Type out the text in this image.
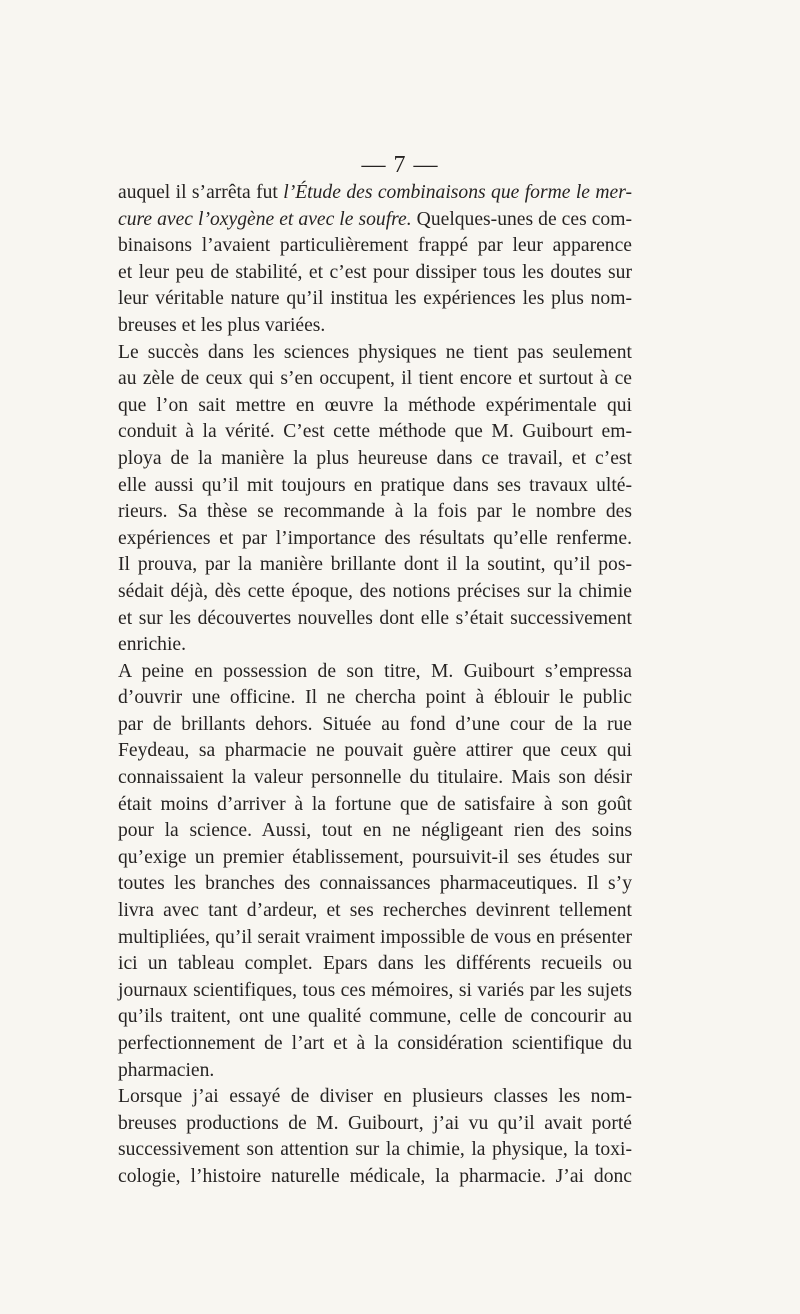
— 7 —
auquel il s’arrêta fut l’Étude des combinaisons que forme le mer-
cure avec l’oxygène et avec le soufre. Quelques-unes de ces com-
binaisons l’avaient particulièrement frappé par leur apparence
et leur peu de stabilité, et c’est pour dissiper tous les doutes sur
leur véritable nature qu’il institua les expériences les plus nom-
breuses et les plus variées.
Le succès dans les sciences physiques ne tient pas seulement
au zèle de ceux qui s’en occupent, il tient encore et surtout à ce
que l’on sait mettre en œuvre la méthode expérimentale qui
conduit à la vérité. C’est cette méthode que M. Guibourt em-
ploya de la manière la plus heureuse dans ce travail, et c’est
elle aussi qu’il mit toujours en pratique dans ses travaux ulté-
rieurs. Sa thèse se recommande à la fois par le nombre des
expériences et par l’importance des résultats qu’elle renferme.
Il prouva, par la manière brillante dont il la soutint, qu’il pos-
sédait déjà, dès cette époque, des notions précises sur la chimie
et sur les découvertes nouvelles dont elle s’était successivement
enrichie.
A peine en possession de son titre, M. Guibourt s’empressa
d’ouvrir une officine. Il ne chercha point à éblouir le public
par de brillants dehors. Située au fond d’une cour de la rue
Feydeau, sa pharmacie ne pouvait guère attirer que ceux qui
connaissaient la valeur personnelle du titulaire. Mais son désir
était moins d’arriver à la fortune que de satisfaire à son goût
pour la science. Aussi, tout en ne négligeant rien des soins
qu’exige un premier établissement, poursuivit-il ses études sur
toutes les branches des connaissances pharmaceutiques. Il s’y
livra avec tant d’ardeur, et ses recherches devinrent tellement
multipliées, qu’il serait vraiment impossible de vous en présenter
ici un tableau complet. Epars dans les différents recueils ou
journaux scientifiques, tous ces mémoires, si variés par les sujets
qu’ils traitent, ont une qualité commune, celle de concourir au
perfectionnement de l’art et à la considération scientifique du
pharmacien.
Lorsque j’ai essayé de diviser en plusieurs classes les nom-
breuses productions de M. Guibourt, j’ai vu qu’il avait porté
successivement son attention sur la chimie, la physique, la toxi-
cologie, l’histoire naturelle médicale, la pharmacie. J’ai donc
